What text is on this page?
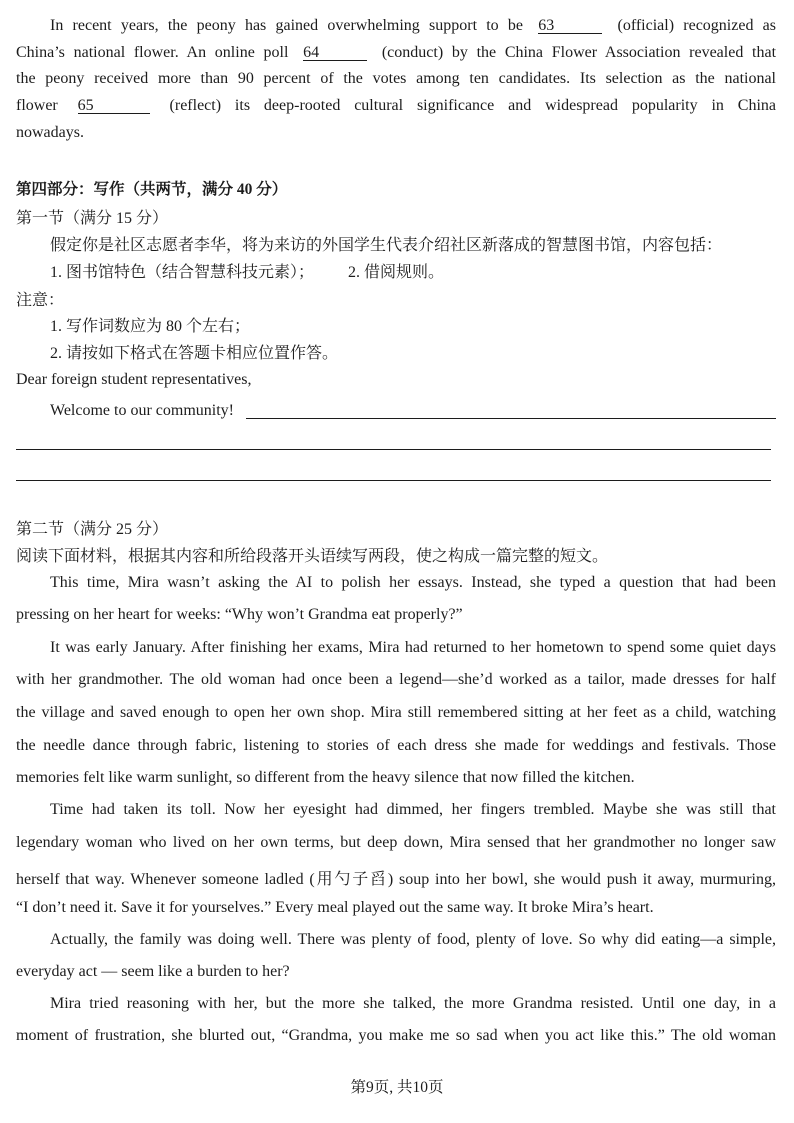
In recent years, the peony has gained overwhelming support to be 63	(official) recognized as
China’s national flower. An online poll 64	(conduct) by the China Flower Association revealed that
the peony received more than 90 percent of the votes among ten candidates. Its selection as the national
flower 65	(reflect) its deep-rooted cultural significance and widespread popularity in China
nowadays.
第四部分：写作（共两节，满分 40 分）
第一节（满分 15 分）
假定你是社区志愿者李华，将为来访的外国学生代表介绍社区新落成的智慧图书馆，内容包括：
1. 图书馆特色（结合智慧科技元素）； 2. 借阅规则。
注意：
1. 写作词数应为 80 个左右；
2. 请按如下格式在答题卡相应位置作答。
Dear foreign student representatives,
Welcome to our community!
第二节（满分 25 分）
阅读下面材料，根据其内容和所给段落开头语续写两段，使之构成一篇完整的短文。
This time, Mira wasn’t asking the AI to polish her essays. Instead, she typed a question that had been
pressing on her heart for weeks: “Why won’t Grandma eat properly?”
It was early January. After finishing her exams, Mira had returned to her hometown to spend some quiet days
with her grandmother. The old woman had once been a legend—she’d worked as a tailor, made dresses for half
the village and saved enough to open her own shop. Mira still remembered sitting at her feet as a child, watching
the needle dance through fabric, listening to stories of each dress she made for weddings and festivals. Those
memories felt like warm sunlight, so different from the heavy silence that now filled the kitchen.
Time had taken its toll. Now her eyesight had dimmed, her fingers trembled. Maybe she was still that
legendary woman who lived on her own terms, but deep down, Mira sensed that her grandmother no longer saw
herself that way. Whenever someone ladled (用勺子舀) soup into her bowl, she would push it away, murmuring,
“I don’t need it. Save it for yourselves.” Every meal played out the same way. It broke Mira’s heart.
Actually, the family was doing well. There was plenty of food, plenty of love. So why did eating—a simple,
everyday act — seem like a burden to her?
Mira tried reasoning with her, but the more she talked, the more Grandma resisted. Until one day, in a
moment of frustration, she blurted out, “Grandma, you make me so sad when you act like this.” The old woman
第9页, 共10页
